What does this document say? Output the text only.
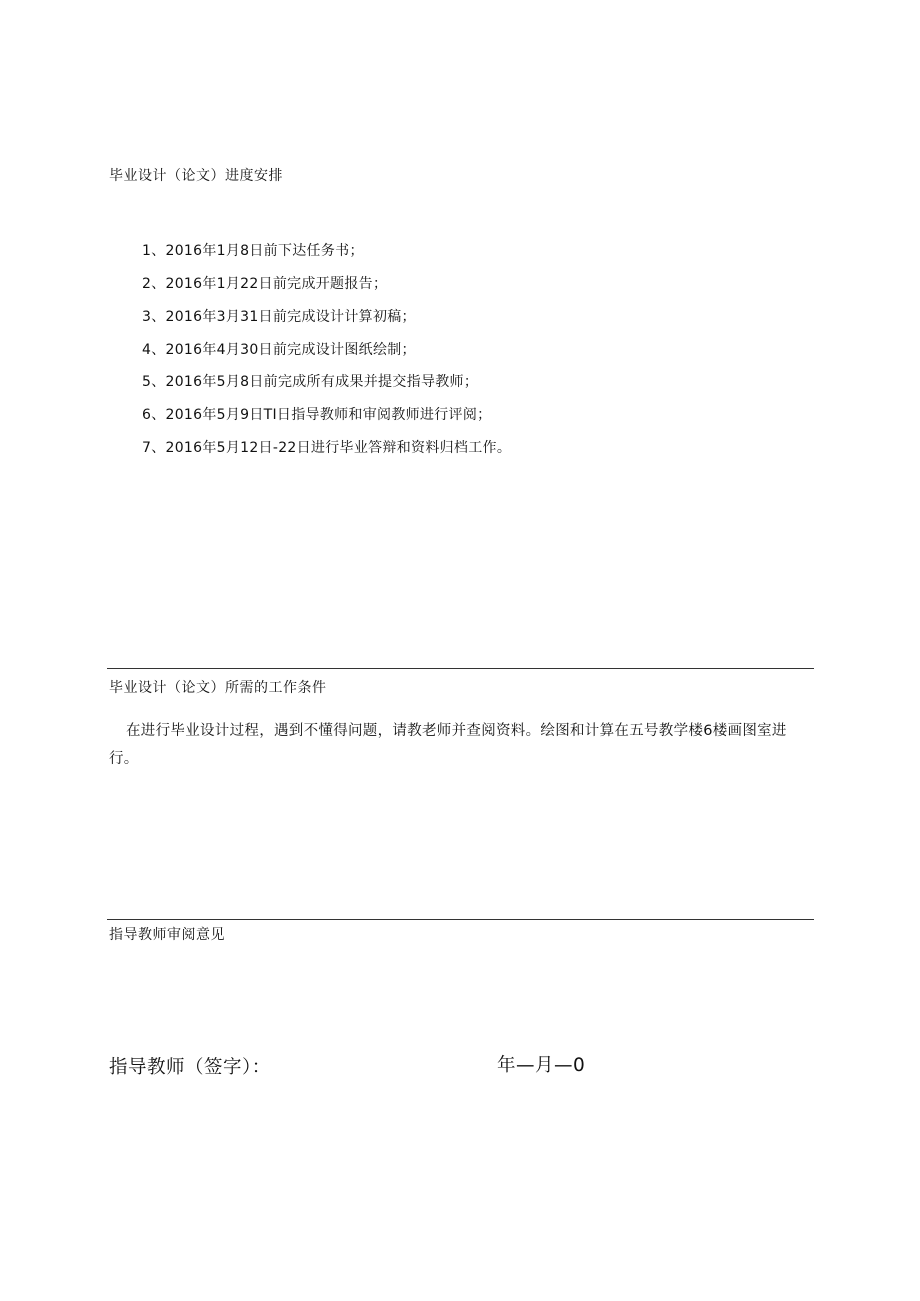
毕业设计（论文）进度安排
1、2016年1月8日前下达任务书；
2、2016年1月22日前完成开题报告；
3、2016年3月31日前完成设计计算初稿；
4、2016年4月30日前完成设计图纸绘制；
5、2016年5月8日前完成所有成果并提交指导教师；
6、2016年5月9日TI日指导教师和审阅教师进行评阅；
7、2016年5月12日-22日进行毕业答辩和资料归档工作。
毕业设计（论文）所需的工作条件
在进行毕业设计过程，遇到不懂得问题，请教老师并查阅资料。绘图和计算在五号教学楼6楼画图室进行。
指导教师审阅意见
指导教师（签字）：	年—月—0
